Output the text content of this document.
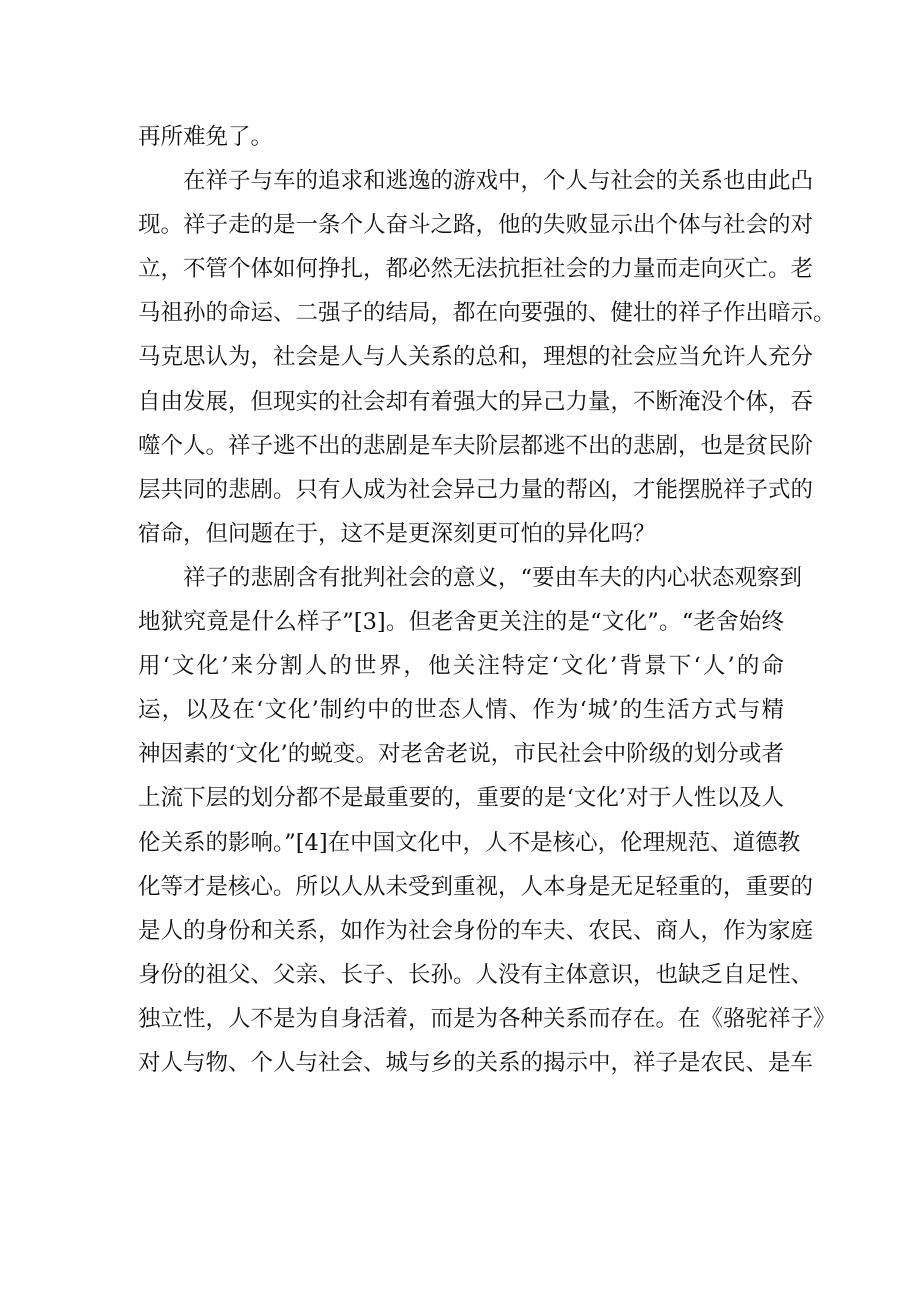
再所难免了。
在祥子与车的追求和逃逸的游戏中，个人与社会的关系也由此凸
现。祥子走的是一条个人奋斗之路，他的失败显示出个体与社会的对
立，不管个体如何挣扎，都必然无法抗拒社会的力量而走向灭亡。老
马祖孙的命运、二强子的结局，都在向要强的、健壮的祥子作出暗示。
马克思认为，社会是人与人关系的总和，理想的社会应当允许人充分
自由发展，但现实的社会却有着强大的异己力量，不断淹没个体，吞
噬个人。祥子逃不出的悲剧是车夫阶层都逃不出的悲剧，也是贫民阶
层共同的悲剧。只有人成为社会异己力量的帮凶，才能摆脱祥子式的
宿命，但问题在于，这不是更深刻更可怕的异化吗？
祥子的悲剧含有批判社会的意义，“要由车夫的内心状态观察到
地狱究竟是什么样子”[3]。但老舍更关注的是“文化”。“老舍始终
用‘文化’来分割人的世界，他关注特定‘文化’背景下‘人’的命
运，以及在‘文化’制约中的世态人情、作为‘城’的生活方式与精
神因素的‘文化’的蜕变。对老舍老说，市民社会中阶级的划分或者
上流下层的划分都不是最重要的，重要的是‘文化’对于人性以及人
伦关系的影响。”[4]在中国文化中，人不是核心，伦理规范、道德教
化等才是核心。所以人从未受到重视，人本身是无足轻重的，重要的
是人的身份和关系，如作为社会身份的车夫、农民、商人，作为家庭
身份的祖父、父亲、长子、长孙。人没有主体意识，也缺乏自足性、
独立性，人不是为自身活着，而是为各种关系而存在。在《骆驼祥子》
对人与物、个人与社会、城与乡的关系的揭示中，祥子是农民、是车
